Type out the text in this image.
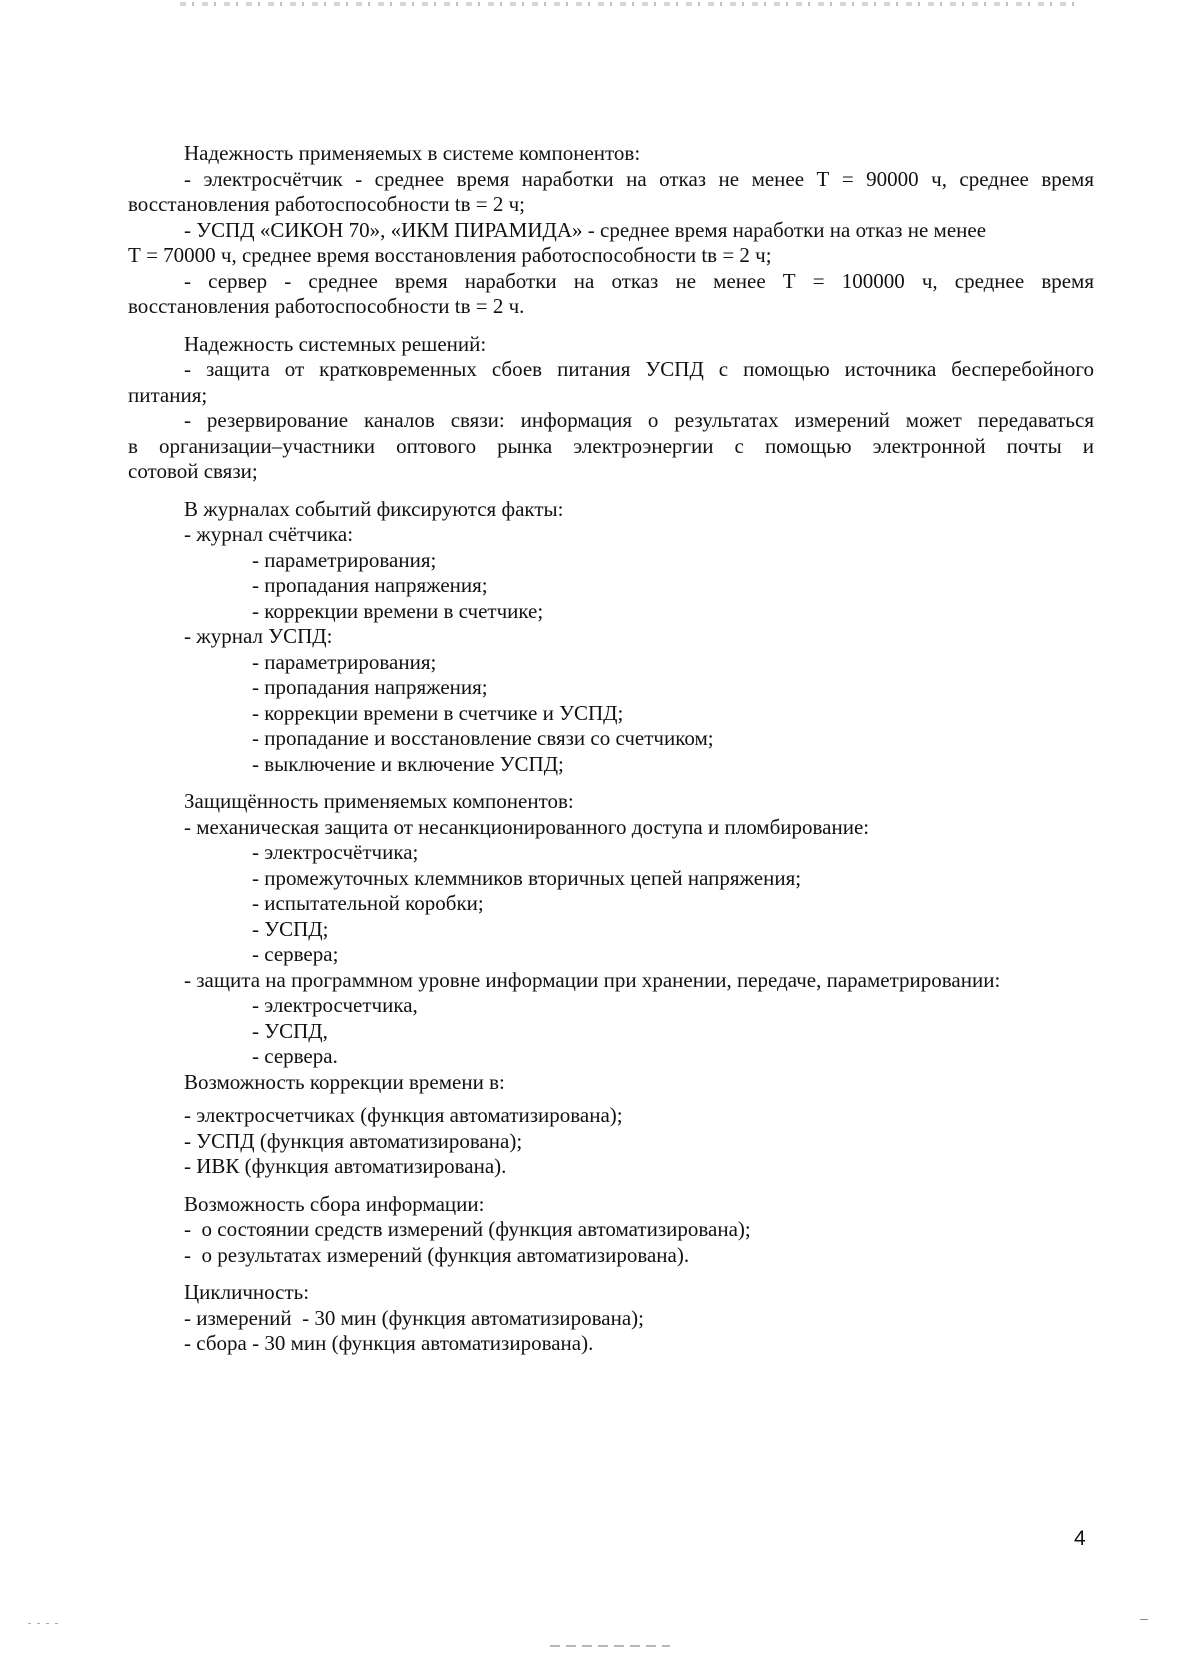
Надежность применяемых в системе компонентов:

- электросчётчик - среднее время наработки на отказ не менее Т = 90000 ч, среднее время

восстановления работоспособности tв = 2 ч;

- УСПД «СИКОН 70», «ИКМ ПИРАМИДА» - среднее время наработки на отказ не менее

Т = 70000 ч, среднее время восстановления работоспособности tв = 2 ч;

- сервер - среднее время наработки на отказ не менее Т = 100000 ч, среднее время

восстановления работоспособности tв = 2 ч.

Надежность системных решений:

- защита от кратковременных сбоев питания УСПД с помощью источника бесперебойного

питания;

- резервирование каналов связи: информация о результатах измерений может передаваться

в организации–участники оптового рынка электроэнергии с помощью электронной почты и

сотовой связи;

В журналах событий фиксируются факты:

- журнал счётчика:

- параметрирования;

- пропадания напряжения;

- коррекции времени в счетчике;

- журнал УСПД:

- параметрирования;

- пропадания напряжения;

- коррекции времени в счетчике и УСПД;

- пропадание и восстановление связи со счетчиком;

- выключение и включение УСПД;

Защищённость применяемых компонентов:

- механическая защита от несанкционированного доступа и пломбирование:

- электросчётчика;

- промежуточных клеммников вторичных цепей напряжения;

- испытательной коробки;

- УСПД;

- сервера;

- защита на программном уровне информации при хранении, передаче, параметрировании:

- электросчетчика,

- УСПД,

- сервера.

Возможность коррекции времени в:

- электросчетчиках (функция автоматизирована);

- УСПД (функция автоматизирована);

- ИВК (функция автоматизирована).

Возможность сбора информации:

-  о состоянии средств измерений (функция автоматизирована);

-  о результатах измерений (функция автоматизирована).

Цикличность:

- измерений  - 30 мин (функция автоматизирована);

- сбора - 30 мин (функция автоматизирована).

4
